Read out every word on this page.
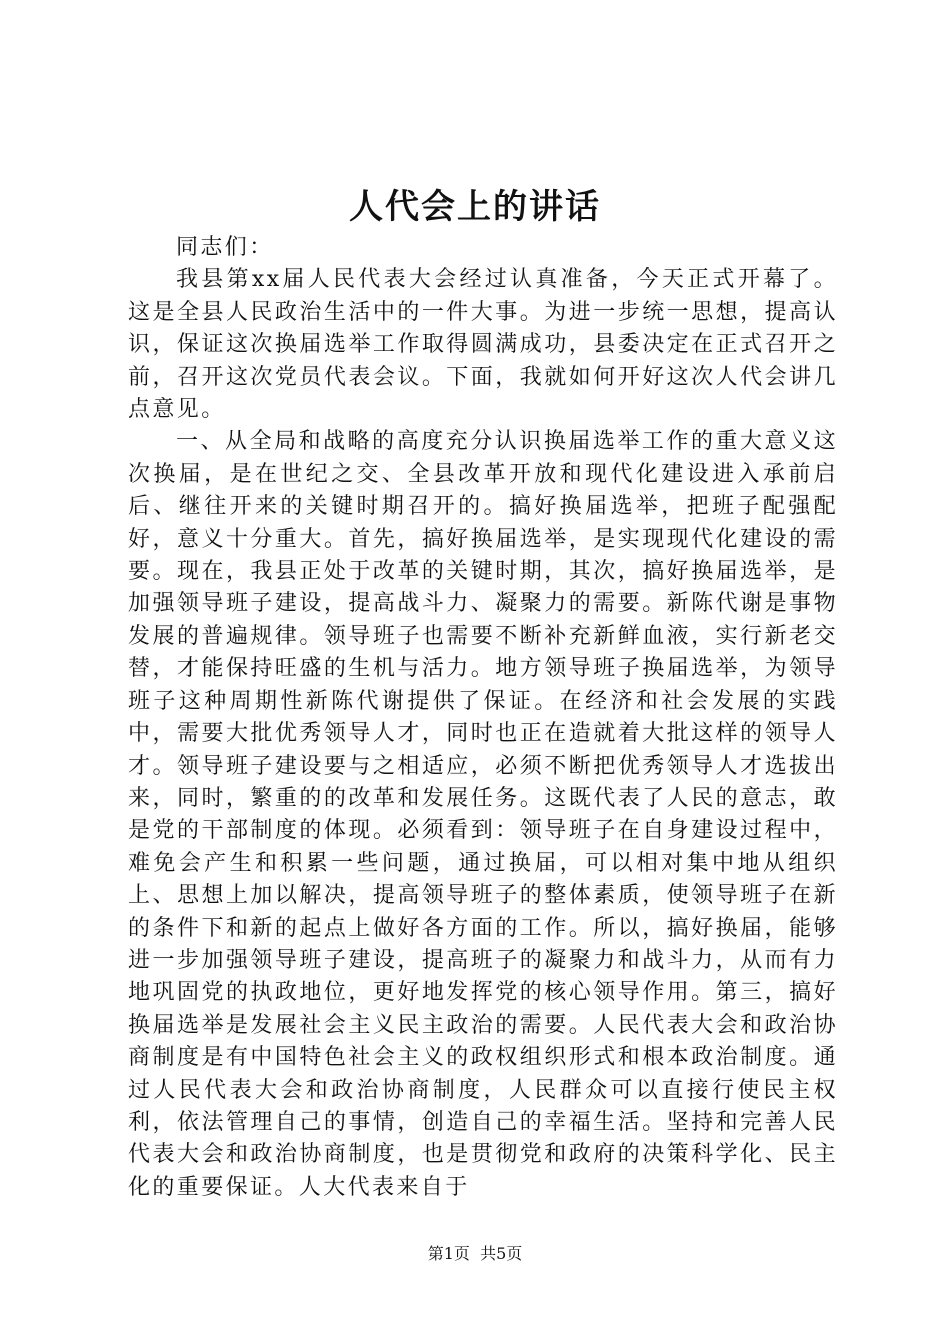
人代会上的讲话

同志们：

我县第xx届人民代表大会经过认真准备，今天正式开幕了。这是全县人民政治生活中的一件大事。为进一步统一思想，提高认识，保证这次换届选举工作取得圆满成功，县委决定在正式召开之前，召开这次党员代表会议。下面，我就如何开好这次人代会讲几点意见。

一、从全局和战略的高度充分认识换届选举工作的重大意义这次换届，是在世纪之交、全县改革开放和现代化建设进入承前启后、继往开来的关键时期召开的。搞好换届选举，把班子配强配好，意义十分重大。首先，搞好换届选举，是实现现代化建设的需要。现在，我县正处于改革的关键时期，其次，搞好换届选举，是加强领导班子建设，提高战斗力、凝聚力的需要。新陈代谢是事物发展的普遍规律。领导班子也需要不断补充新鲜血液，实行新老交替，才能保持旺盛的生机与活力。地方领导班子换届选举，为领导班子这种周期性新陈代谢提供了保证。在经济和社会发展的实践中，需要大批优秀领导人才，同时也正在造就着大批这样的领导人才。领导班子建设要与之相适应，必须不断把优秀领导人才选拔出来，同时，繁重的的改革和发展任务。这既代表了人民的意志，敢是党的干部制度的体现。必须看到：领导班子在自身建设过程中，难免会产生和积累一些问题，通过换届，可以相对集中地从组织上、思想上加以解决，提高领导班子的整体素质，使领导班子在新的条件下和新的起点上做好各方面的工作。所以，搞好换届，能够进一步加强领导班子建设，提高班子的凝聚力和战斗力，从而有力地巩固党的执政地位，更好地发挥党的核心领导作用。第三，搞好换届选举是发展社会主义民主政治的需要。人民代表大会和政治协商制度是有中国特色社会主义的政权组织形式和根本政治制度。通过人民代表大会和政治协商制度，人民群众可以直接行使民主权利，依法管理自己的事情，创造自己的幸福生活。坚持和完善人民代表大会和政治协商制度，也是贯彻党和政府的决策科学化、民主化的重要保证。人大代表来自于

第1页  共5页
